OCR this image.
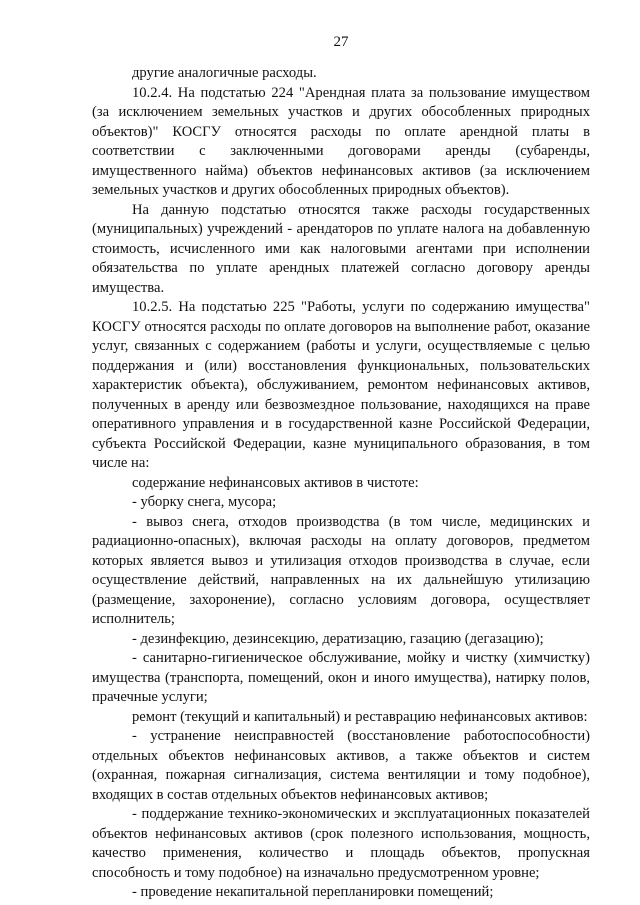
27

другие аналогичные расходы.

10.2.4. На подстатью 224 "Арендная плата за пользование имуществом (за исключением земельных участков и других обособленных природных объектов)" КОСГУ относятся расходы по оплате арендной платы в соответствии с заключенными договорами аренды (субаренды, имущественного найма) объектов нефинансовых активов (за исключением земельных участков и других обособленных природных объектов).

На данную подстатью относятся также расходы государственных (муниципальных) учреждений - арендаторов по уплате налога на добавленную стоимость, исчисленного ими как налоговыми агентами при исполнении обязательства по уплате арендных платежей согласно договору аренды имущества.

10.2.5. На подстатью 225 "Работы, услуги по содержанию имущества" КОСГУ относятся расходы по оплате договоров на выполнение работ, оказание услуг, связанных с содержанием (работы и услуги, осуществляемые с целью поддержания и (или) восстановления функциональных, пользовательских характеристик объекта), обслуживанием, ремонтом нефинансовых активов, полученных в аренду или безвозмездное пользование, находящихся на праве оперативного управления и в государственной казне Российской Федерации, субъекта Российской Федерации, казне муниципального образования, в том числе на:

содержание нефинансовых активов в чистоте:

- уборку снега, мусора;

- вывоз снега, отходов производства (в том числе, медицинских и радиационно-опасных), включая расходы на оплату договоров, предметом которых является вывоз и утилизация отходов производства в случае, если осуществление действий, направленных на их дальнейшую утилизацию (размещение, захоронение), согласно условиям договора, осуществляет исполнитель;

- дезинфекцию, дезинсекцию, дератизацию, газацию (дегазацию);

- санитарно-гигиеническое обслуживание, мойку и чистку (химчистку) имущества (транспорта, помещений, окон и иного имущества), натирку полов, прачечные услуги;

ремонт (текущий и капитальный) и реставрацию нефинансовых активов:

- устранение неисправностей (восстановление работоспособности) отдельных объектов нефинансовых активов, а также объектов и систем (охранная, пожарная сигнализация, система вентиляции и тому подобное), входящих в состав отдельных объектов нефинансовых активов;

- поддержание технико-экономических и эксплуатационных показателей объектов нефинансовых активов (срок полезного использования, мощность, качество применения, количество и площадь объектов, пропускная способность и тому подобное) на изначально предусмотренном уровне;

- проведение некапитальной перепланировки помещений;
